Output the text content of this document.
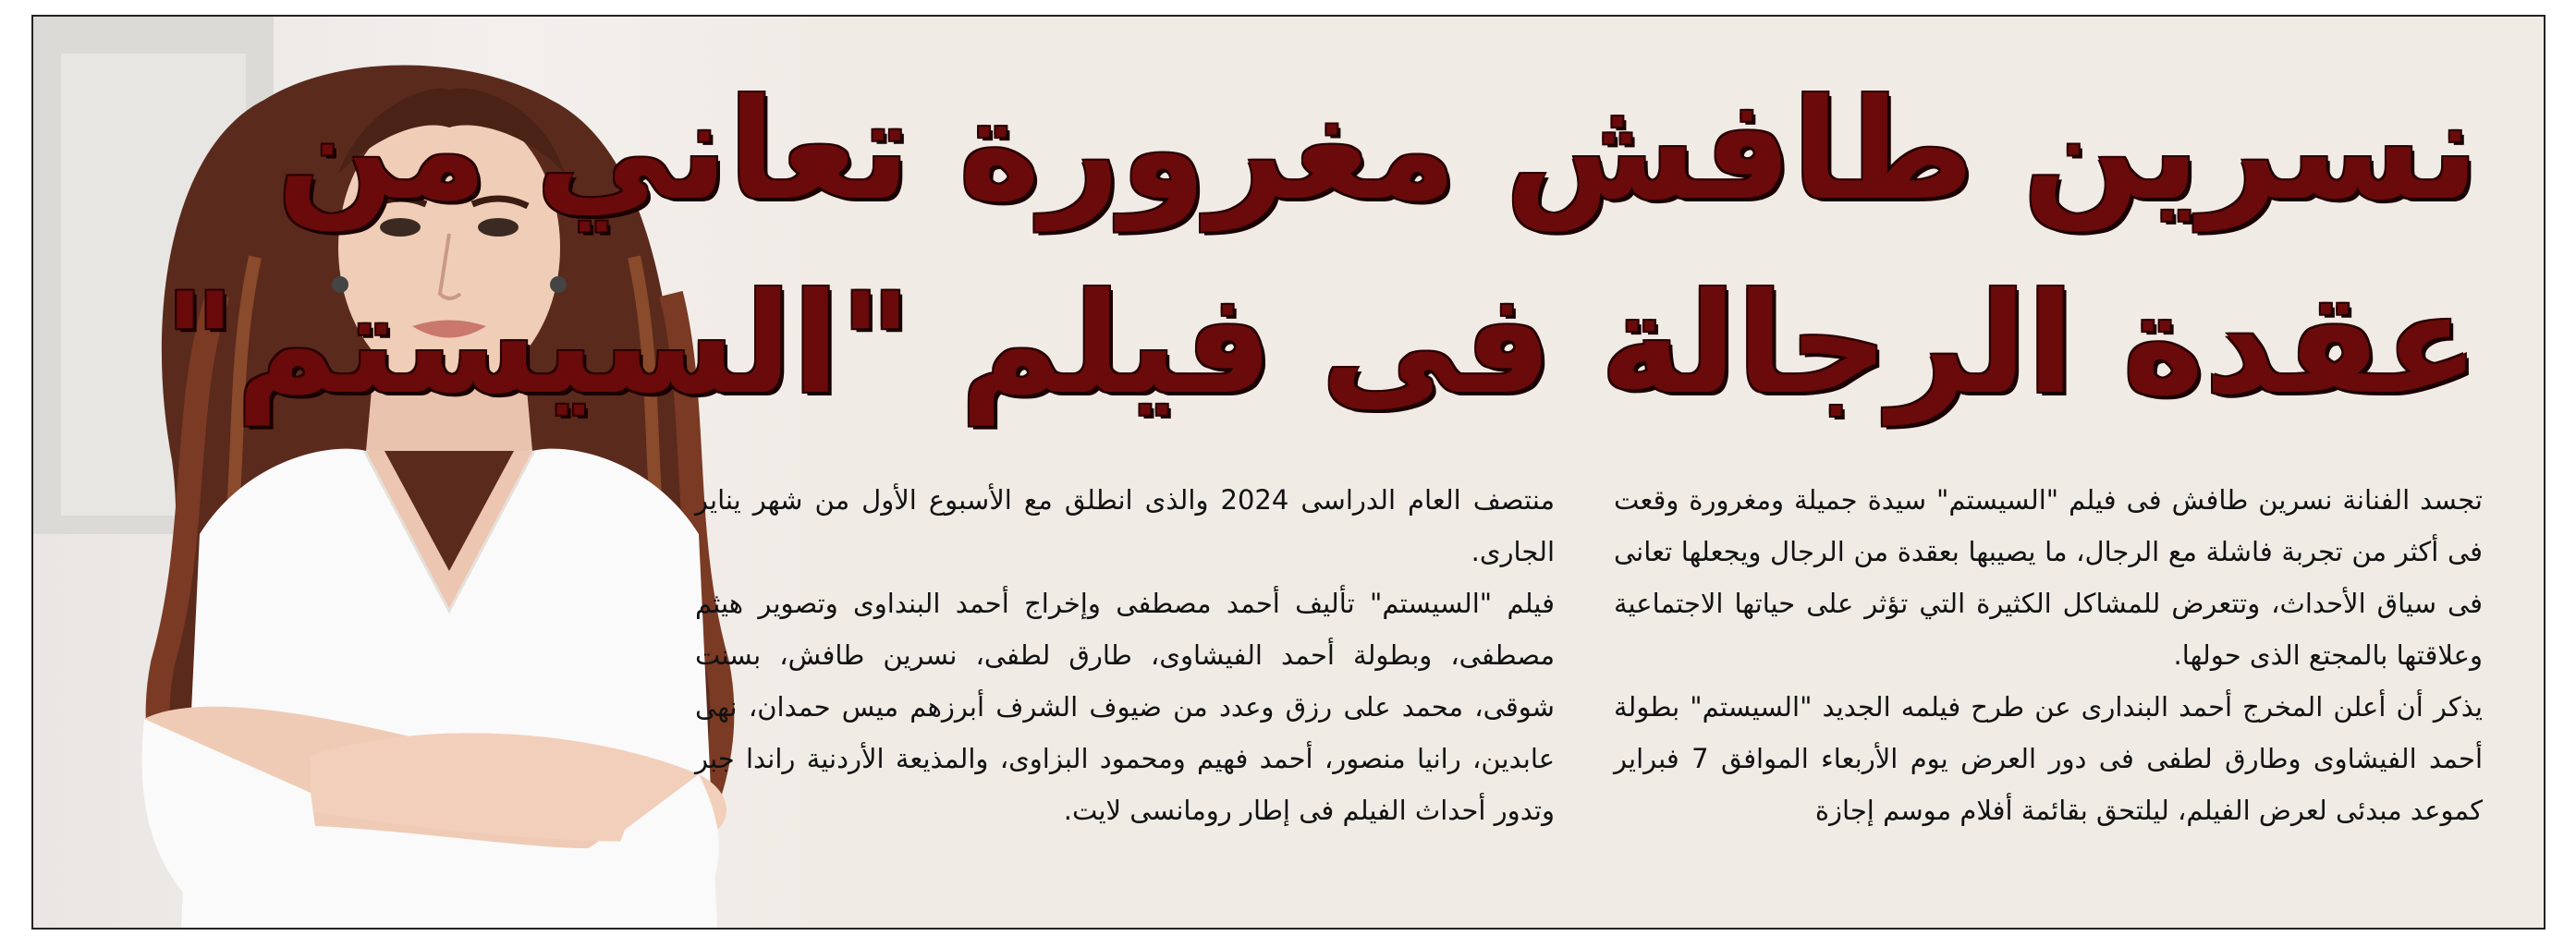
نسرين طافش مغرورة تعاني من
عقدة الرجالة فى فيلم "السيستم"

تجسد الفنانة نسرين طافش فى فيلم "السيستم" سيدة جميلة ومغرورة وقعت فى أكثر من تجربة فاشلة مع الرجال، ما يصيبها بعقدة من الرجال ويجعلها تعانى فى سياق الأحداث، وتتعرض للمشاكل الكثيرة التي تؤثر على حياتها الاجتماعية وعلاقتها بالمجتع الذى حولها.

يذكر أن أعلن المخرج أحمد البندارى عن طرح فيلمه الجديد "السيستم" بطولة أحمد الفيشاوى وطارق لطفى فى دور العرض يوم الأربعاء الموافق 7 فبراير كموعد مبدئى لعرض الفيلم، ليلتحق بقائمة أفلام موسم إجازة

منتصف العام الدراسى 2024 والذى انطلق مع الأسبوع الأول من شهر يناير الجارى.

فيلم "السيستم" تأليف أحمد مصطفى وإخراج أحمد البنداوى وتصوير هيثم مصطفى، وبطولة أحمد الفيشاوى، طارق لطفى، نسرين طافش، بسنت شوقى، محمد على رزق وعدد من ضيوف الشرف أبرزهم ميس حمدان، نهى عابدين، رانيا منصور، أحمد فهيم ومحمود البزاوى، والمذيعة الأردنية راندا جبر وتدور أحداث الفيلم فى إطار رومانسى لايت.
